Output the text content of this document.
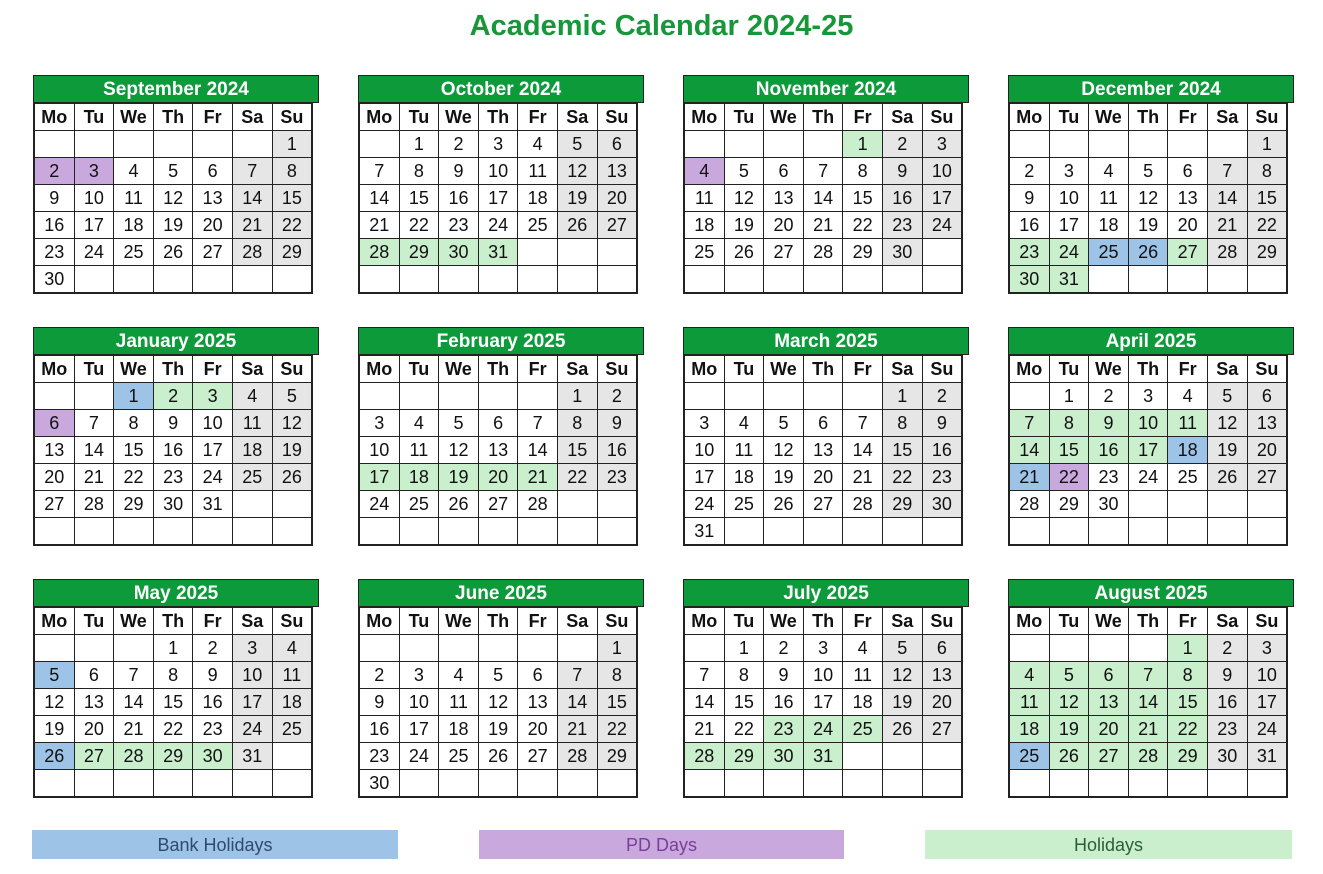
Academic Calendar 2024-25
September 2024
Mo	Tu	We	Th	Fr	Sa	Su
						1
2	3	4	5	6	7	8
9	10	11	12	13	14	15
16	17	18	19	20	21	22
23	24	25	26	27	28	29
30						
October 2024
Mo	Tu	We	Th	Fr	Sa	Su
	1	2	3	4	5	6
7	8	9	10	11	12	13
14	15	16	17	18	19	20
21	22	23	24	25	26	27
28	29	30	31			

November 2024
Mo	Tu	We	Th	Fr	Sa	Su
				1	2	3
4	5	6	7	8	9	10
11	12	13	14	15	16	17
18	19	20	21	22	23	24
25	26	27	28	29	30	

December 2024
Mo	Tu	We	Th	Fr	Sa	Su
						1
2	3	4	5	6	7	8
9	10	11	12	13	14	15
16	17	18	19	20	21	22
23	24	25	26	27	28	29
30	31					
January 2025
Mo	Tu	We	Th	Fr	Sa	Su
		1	2	3	4	5
6	7	8	9	10	11	12
13	14	15	16	17	18	19
20	21	22	23	24	25	26
27	28	29	30	31		

February 2025
Mo	Tu	We	Th	Fr	Sa	Su
					1	2
3	4	5	6	7	8	9
10	11	12	13	14	15	16
17	18	19	20	21	22	23
24	25	26	27	28		

March 2025
Mo	Tu	We	Th	Fr	Sa	Su
					1	2
3	4	5	6	7	8	9
10	11	12	13	14	15	16
17	18	19	20	21	22	23
24	25	26	27	28	29	30
31						
April 2025
Mo	Tu	We	Th	Fr	Sa	Su
	1	2	3	4	5	6
7	8	9	10	11	12	13
14	15	16	17	18	19	20
21	22	23	24	25	26	27
28	29	30				

May 2025
Mo	Tu	We	Th	Fr	Sa	Su
			1	2	3	4
5	6	7	8	9	10	11
12	13	14	15	16	17	18
19	20	21	22	23	24	25
26	27	28	29	30	31	

June 2025
Mo	Tu	We	Th	Fr	Sa	Su
						1
2	3	4	5	6	7	8
9	10	11	12	13	14	15
16	17	18	19	20	21	22
23	24	25	26	27	28	29
30						
July 2025
Mo	Tu	We	Th	Fr	Sa	Su
	1	2	3	4	5	6
7	8	9	10	11	12	13
14	15	16	17	18	19	20
21	22	23	24	25	26	27
28	29	30	31			

August 2025
Mo	Tu	We	Th	Fr	Sa	Su
				1	2	3
4	5	6	7	8	9	10
11	12	13	14	15	16	17
18	19	20	21	22	23	24
25	26	27	28	29	30	31

Bank Holidays	PD Days	Holidays
